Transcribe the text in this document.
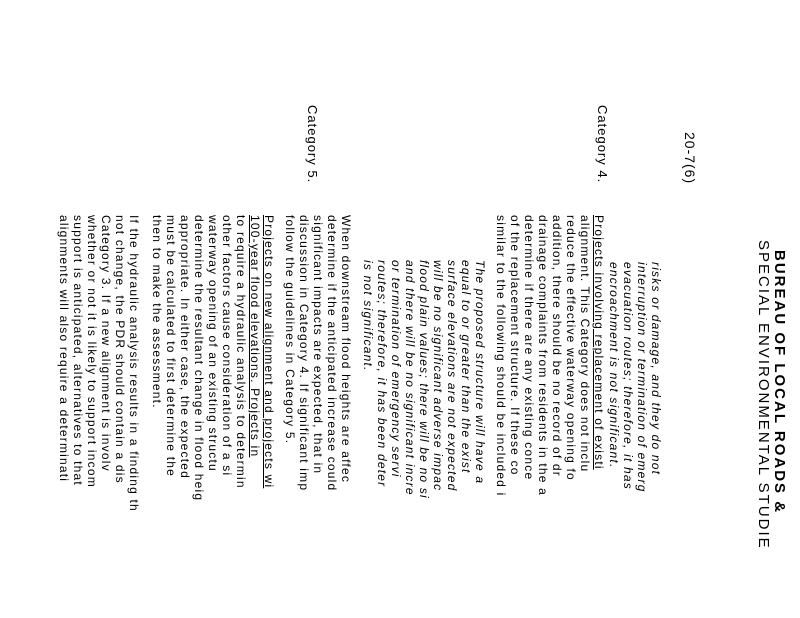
BUREAU OF LOCAL ROADS &
SPECIAL ENVIRONMENTAL STUDIE
20-7(6)
Category 4.
Category 5.
risks or damage, and they do not
interruption or termination of emerg
evacuation routes; therefore, it has
encroachment is not significant.
Projects involving replacement of existi
alignment. This Category does not inclu
reduce the effective waterway opening fo
addition, there should be no record of dr
drainage complaints from residents in the a
determine if there are any existing conce
of the replacement structure. If these co
similar to the following should be included i
The proposed structure will have a
equal to or greater than the exist
surface elevations are not expected
will be no significant adverse impac
flood plain values; there will be no si
and there will be no significant incre
or termination of emergency servi
routes; therefore, it has been deter
is not significant.
When downstream flood heights are affec
determine if the anticipated increase could
significant impacts are expected, that in
discussion in Category 4. If significant imp
follow the guidelines in Category 5.
Projects on new alignment and projects wi
100-year flood elevations. Projects in
to require a hydraulic analysis to determin
other factors cause consideration of a si
waterway opening of an existing structu
determine the resultant change in flood heig
appropriate. In either case, the expected
must be calculated to first determine the
then to make the assessment.
If the hydraulic analysis results in a finding th
not change, the PDR should contain a dis
Category 3. If a new alignment is involv
whether or not it is likely to support incom
support is anticipated, alternatives to that
alignments will also require a determinati
